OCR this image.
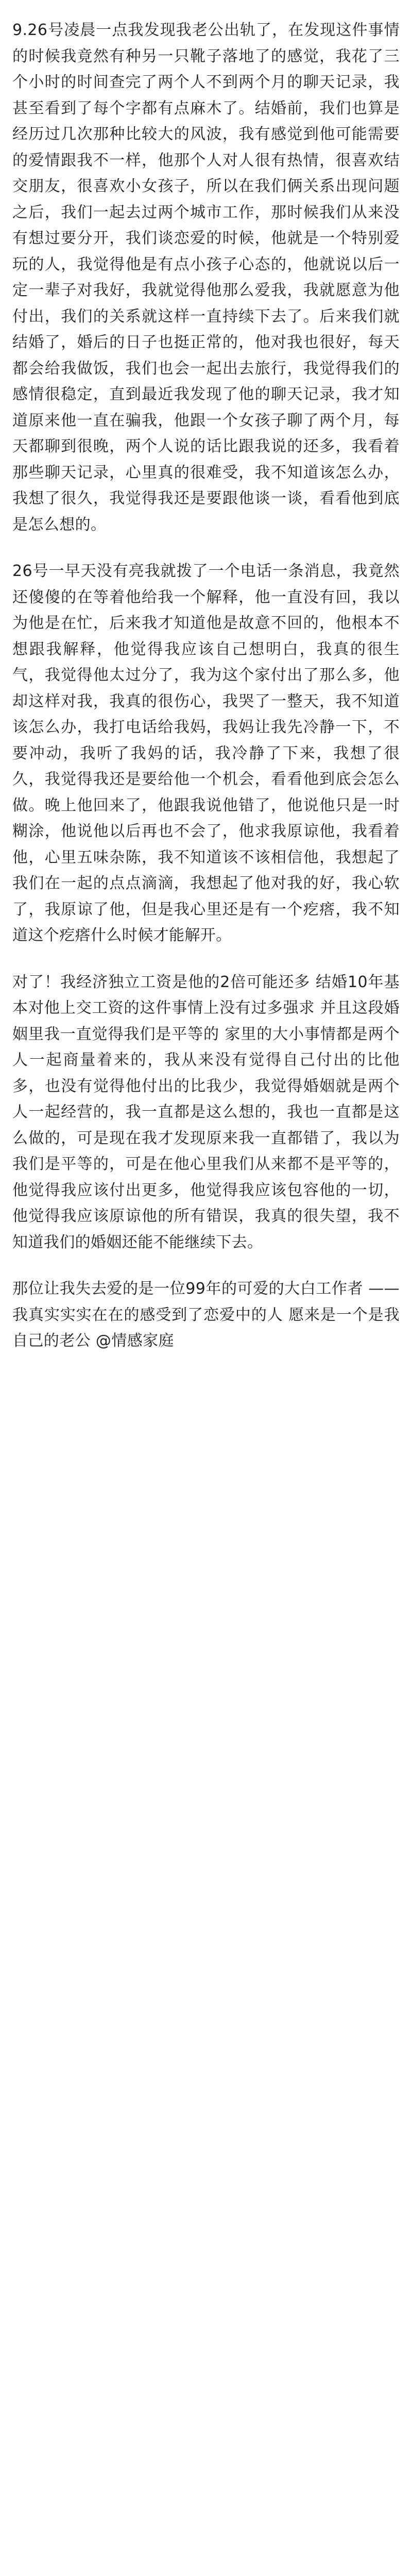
9.26号凌晨一点我发现我老公出轨了，在发现这件事情的时候我竟然有种另一只靴子落地了的感觉，我花了三个小时的时间查完了两个人不到两个月的聊天记录，我甚至看到了每个字都有点麻木了。结婚前，我们也算是经历过几次那种比较大的风波，我有感觉到他可能需要的爱情跟我不一样，他那个人对人很有热情，很喜欢结交朋友，很喜欢小女孩子，所以在我们俩关系出现问题之后，我们一起去过两个城市工作，那时候我们从来没有想过要分开，我们谈恋爱的时候，他就是一个特别爱玩的人，我觉得他是有点小孩子心态的，他就说以后一定一辈子对我好，我就觉得他那么爱我，我就愿意为他付出，我们的关系就这样一直持续下去了。后来我们就结婚了，婚后的日子也挺正常的，他对我也很好，每天都会给我做饭，我们也会一起出去旅行，我觉得我们的感情很稳定，直到最近我发现了他的聊天记录，我才知道原来他一直在骗我，他跟一个女孩子聊了两个月，每天都聊到很晚，两个人说的话比跟我说的还多，我看着那些聊天记录，心里真的很难受，我不知道该怎么办，我想了很久，我觉得我还是要跟他谈一谈，看看他到底是怎么想的。

26号一早天没有亮我就拨了一个电话一条消息，我竟然还傻傻的在等着他给我一个解释，他一直没有回，我以为他是在忙，后来我才知道他是故意不回的，他根本不想跟我解释，他觉得我应该自己想明白，我真的很生气，我觉得他太过分了，我为这个家付出了那么多，他却这样对我，我真的很伤心，我哭了一整天，我不知道该怎么办，我打电话给我妈，我妈让我先冷静一下，不要冲动，我听了我妈的话，我冷静了下来，我想了很久，我觉得我还是要给他一个机会，看看他到底会怎么做。晚上他回来了，他跟我说他错了，他说他只是一时糊涂，他说他以后再也不会了，他求我原谅他，我看着他，心里五味杂陈，我不知道该不该相信他，我想起了我们在一起的点点滴滴，我想起了他对我的好，我心软了，我原谅了他，但是我心里还是有一个疙瘩，我不知道这个疙瘩什么时候才能解开。

对了！我经济独立工资是他的2倍可能还多 结婚10年基本对他上交工资的这件事情上没有过多强求 并且这段婚姻里我一直觉得我们是平等的 家里的大小事情都是两个人一起商量着来的，我从来没有觉得自己付出的比他多，也没有觉得他付出的比我少，我觉得婚姻就是两个人一起经营的，我一直都是这么想的，我也一直都是这么做的，可是现在我才发现原来我一直都错了，我以为我们是平等的，可是在他心里我们从来都不是平等的，他觉得我应该付出更多，他觉得我应该包容他的一切，他觉得我应该原谅他的所有错误，我真的很失望，我不知道我们的婚姻还能不能继续下去。

那位让我失去爱的是一位99年的可爱的大白工作者 ——我真实实实在在的感受到了恋爱中的人 愿来是一个是我自己的老公 @情感家庭
